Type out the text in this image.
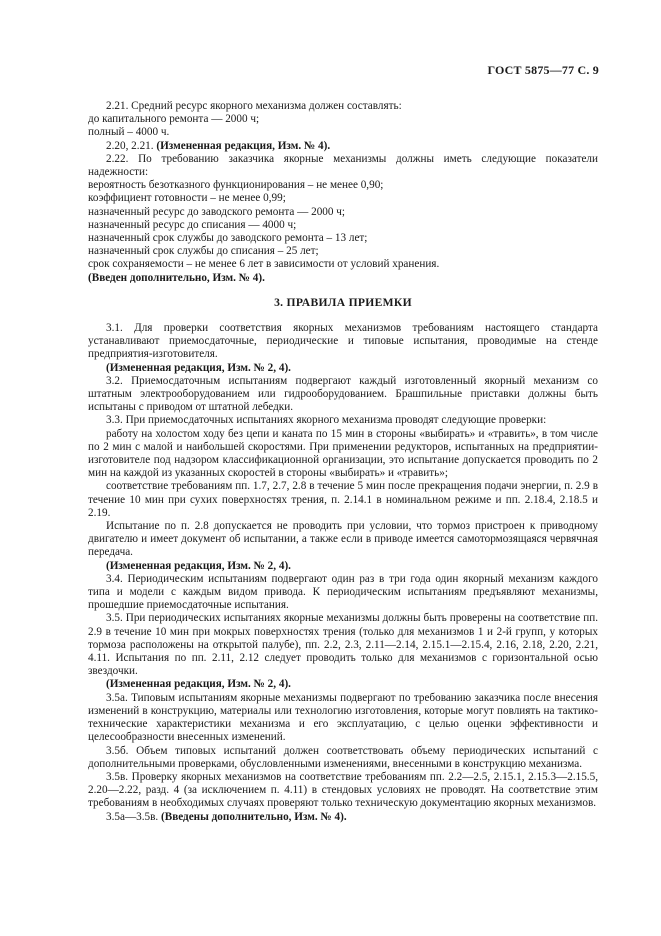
ГОСТ 5875—77 С. 9

2.21. Средний ресурс якорного механизма должен составлять:

до капитального ремонта — 2000 ч;

полный – 4000 ч.

2.20, 2.21. (Измененная редакция, Изм. № 4).

2.22. По требованию заказчика якорные механизмы должны иметь следующие показатели надежности:

вероятность безотказного функционирования – не менее 0,90;

коэффициент готовности – не менее 0,99;

назначенный ресурс до заводского ремонта — 2000 ч;

назначенный ресурс до списания — 4000 ч;

назначенный срок службы до заводского ремонта – 13 лет;

назначенный срок службы до списания – 25 лет;

срок сохраняемости – не менее 6 лет в зависимости от условий хранения.

(Введен дополнительно, Изм. № 4).

3. ПРАВИЛА ПРИЕМКИ

3.1. Для проверки соответствия якорных механизмов требованиям настоящего стандарта устанавливают приемосдаточные, периодические и типовые испытания, проводимые на стенде предприятия-изготовителя.

(Измененная редакция, Изм. № 2, 4).

3.2. Приемосдаточным испытаниям подвергают каждый изготовленный якорный механизм со штатным электрооборудованием или гидрооборудованием. Брашпильные приставки должны быть испытаны с приводом от штатной лебедки.

3.3. При приемосдаточных испытаниях якорного механизма проводят следующие проверки:

работу на холостом ходу без цепи и каната по 15 мин в стороны «выбирать» и «травить», в том числе по 2 мин с малой и наибольшей скоростями. При применении редукторов, испытанных на предприятии-изготовителе под надзором классификационной организации, это испытание допускается проводить по 2 мин на каждой из указанных скоростей в стороны «выбирать» и «травить»;

соответствие требованиям пп. 1.7, 2.7, 2.8 в течение 5 мин после прекращения подачи энергии, п. 2.9 в течение 10 мин при сухих поверхностях трения, п. 2.14.1 в номинальном режиме и пп. 2.18.4, 2.18.5 и 2.19.

Испытание по п. 2.8 допускается не проводить при условии, что тормоз пристроен к приводному двигателю и имеет документ об испытании, а также если в приводе имеется самотормозящаяся червячная передача.

(Измененная редакция, Изм. № 2, 4).

3.4. Периодическим испытаниям подвергают один раз в три года один якорный механизм каждого типа и модели с каждым видом привода. К периодическим испытаниям предъявляют механизмы, прошедшие приемосдаточные испытания.

3.5. При периодических испытаниях якорные механизмы должны быть проверены на соответствие пп. 2.9 в течение 10 мин при мокрых поверхностях трения (только для механизмов 1 и 2-й групп, у которых тормоза расположены на открытой палубе), пп. 2.2, 2.3, 2.11—2.14, 2.15.1—2.15.4, 2.16, 2.18, 2.20, 2.21, 4.11. Испытания по пп. 2.11, 2.12 следует проводить только для механизмов с горизонтальной осью звездочки.

(Измененная редакция, Изм. № 2, 4).

3.5а. Типовым испытаниям якорные механизмы подвергают по требованию заказчика после внесения изменений в конструкцию, материалы или технологию изготовления, которые могут повлиять на тактико-технические характеристики механизма и его эксплуатацию, с целью оценки эффективности и целесообразности внесенных изменений.

3.5б. Объем типовых испытаний должен соответствовать объему периодических испытаний с дополнительными проверками, обусловленными изменениями, внесенными в конструкцию механизма.

3.5в. Проверку якорных механизмов на соответствие требованиям пп. 2.2—2.5, 2.15.1, 2.15.3—2.15.5, 2.20—2.22, разд. 4 (за исключением п. 4.11) в стендовых условиях не проводят. На соответствие этим требованиям в необходимых случаях проверяют только техническую документацию якорных механизмов.

3.5а—3.5в. (Введены дополнительно, Изм. № 4).
